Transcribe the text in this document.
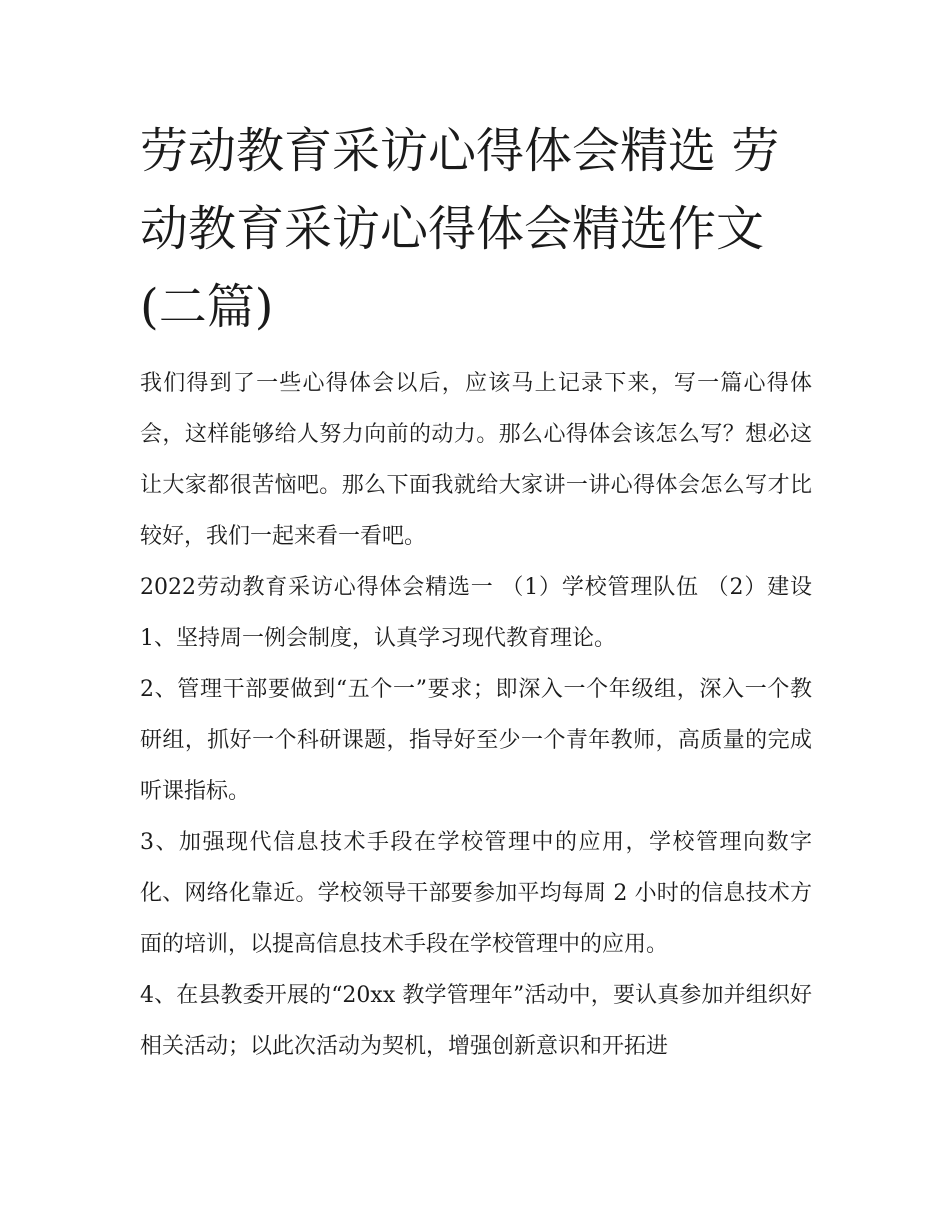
劳动教育采访心得体会精选 劳动教育采访心得体会精选作文(二篇)

我们得到了一些心得体会以后，应该马上记录下来，写一篇心得体会，这样能够给人努力向前的动力。那么心得体会该怎么写？想必这让大家都很苦恼吧。那么下面我就给大家讲一讲心得体会怎么写才比较好，我们一起来看一看吧。

2022劳动教育采访心得体会精选一 （1）学校管理队伍 （2）建设 1、坚持周一例会制度，认真学习现代教育理论。

2、管理干部要做到“五个一”要求；即深入一个年级组，深入一个教研组，抓好一个科研课题，指导好至少一个青年教师，高质量的完成听课指标。

3、加强现代信息技术手段在学校管理中的应用，学校管理向数字化、网络化靠近。学校领导干部要参加平均每周 2 小时的信息技术方面的培训，以提高信息技术手段在学校管理中的应用。

4、在县教委开展的“20xx 教学管理年”活动中，要认真参加并组织好相关活动；以此次活动为契机，增强创新意识和开拓进
